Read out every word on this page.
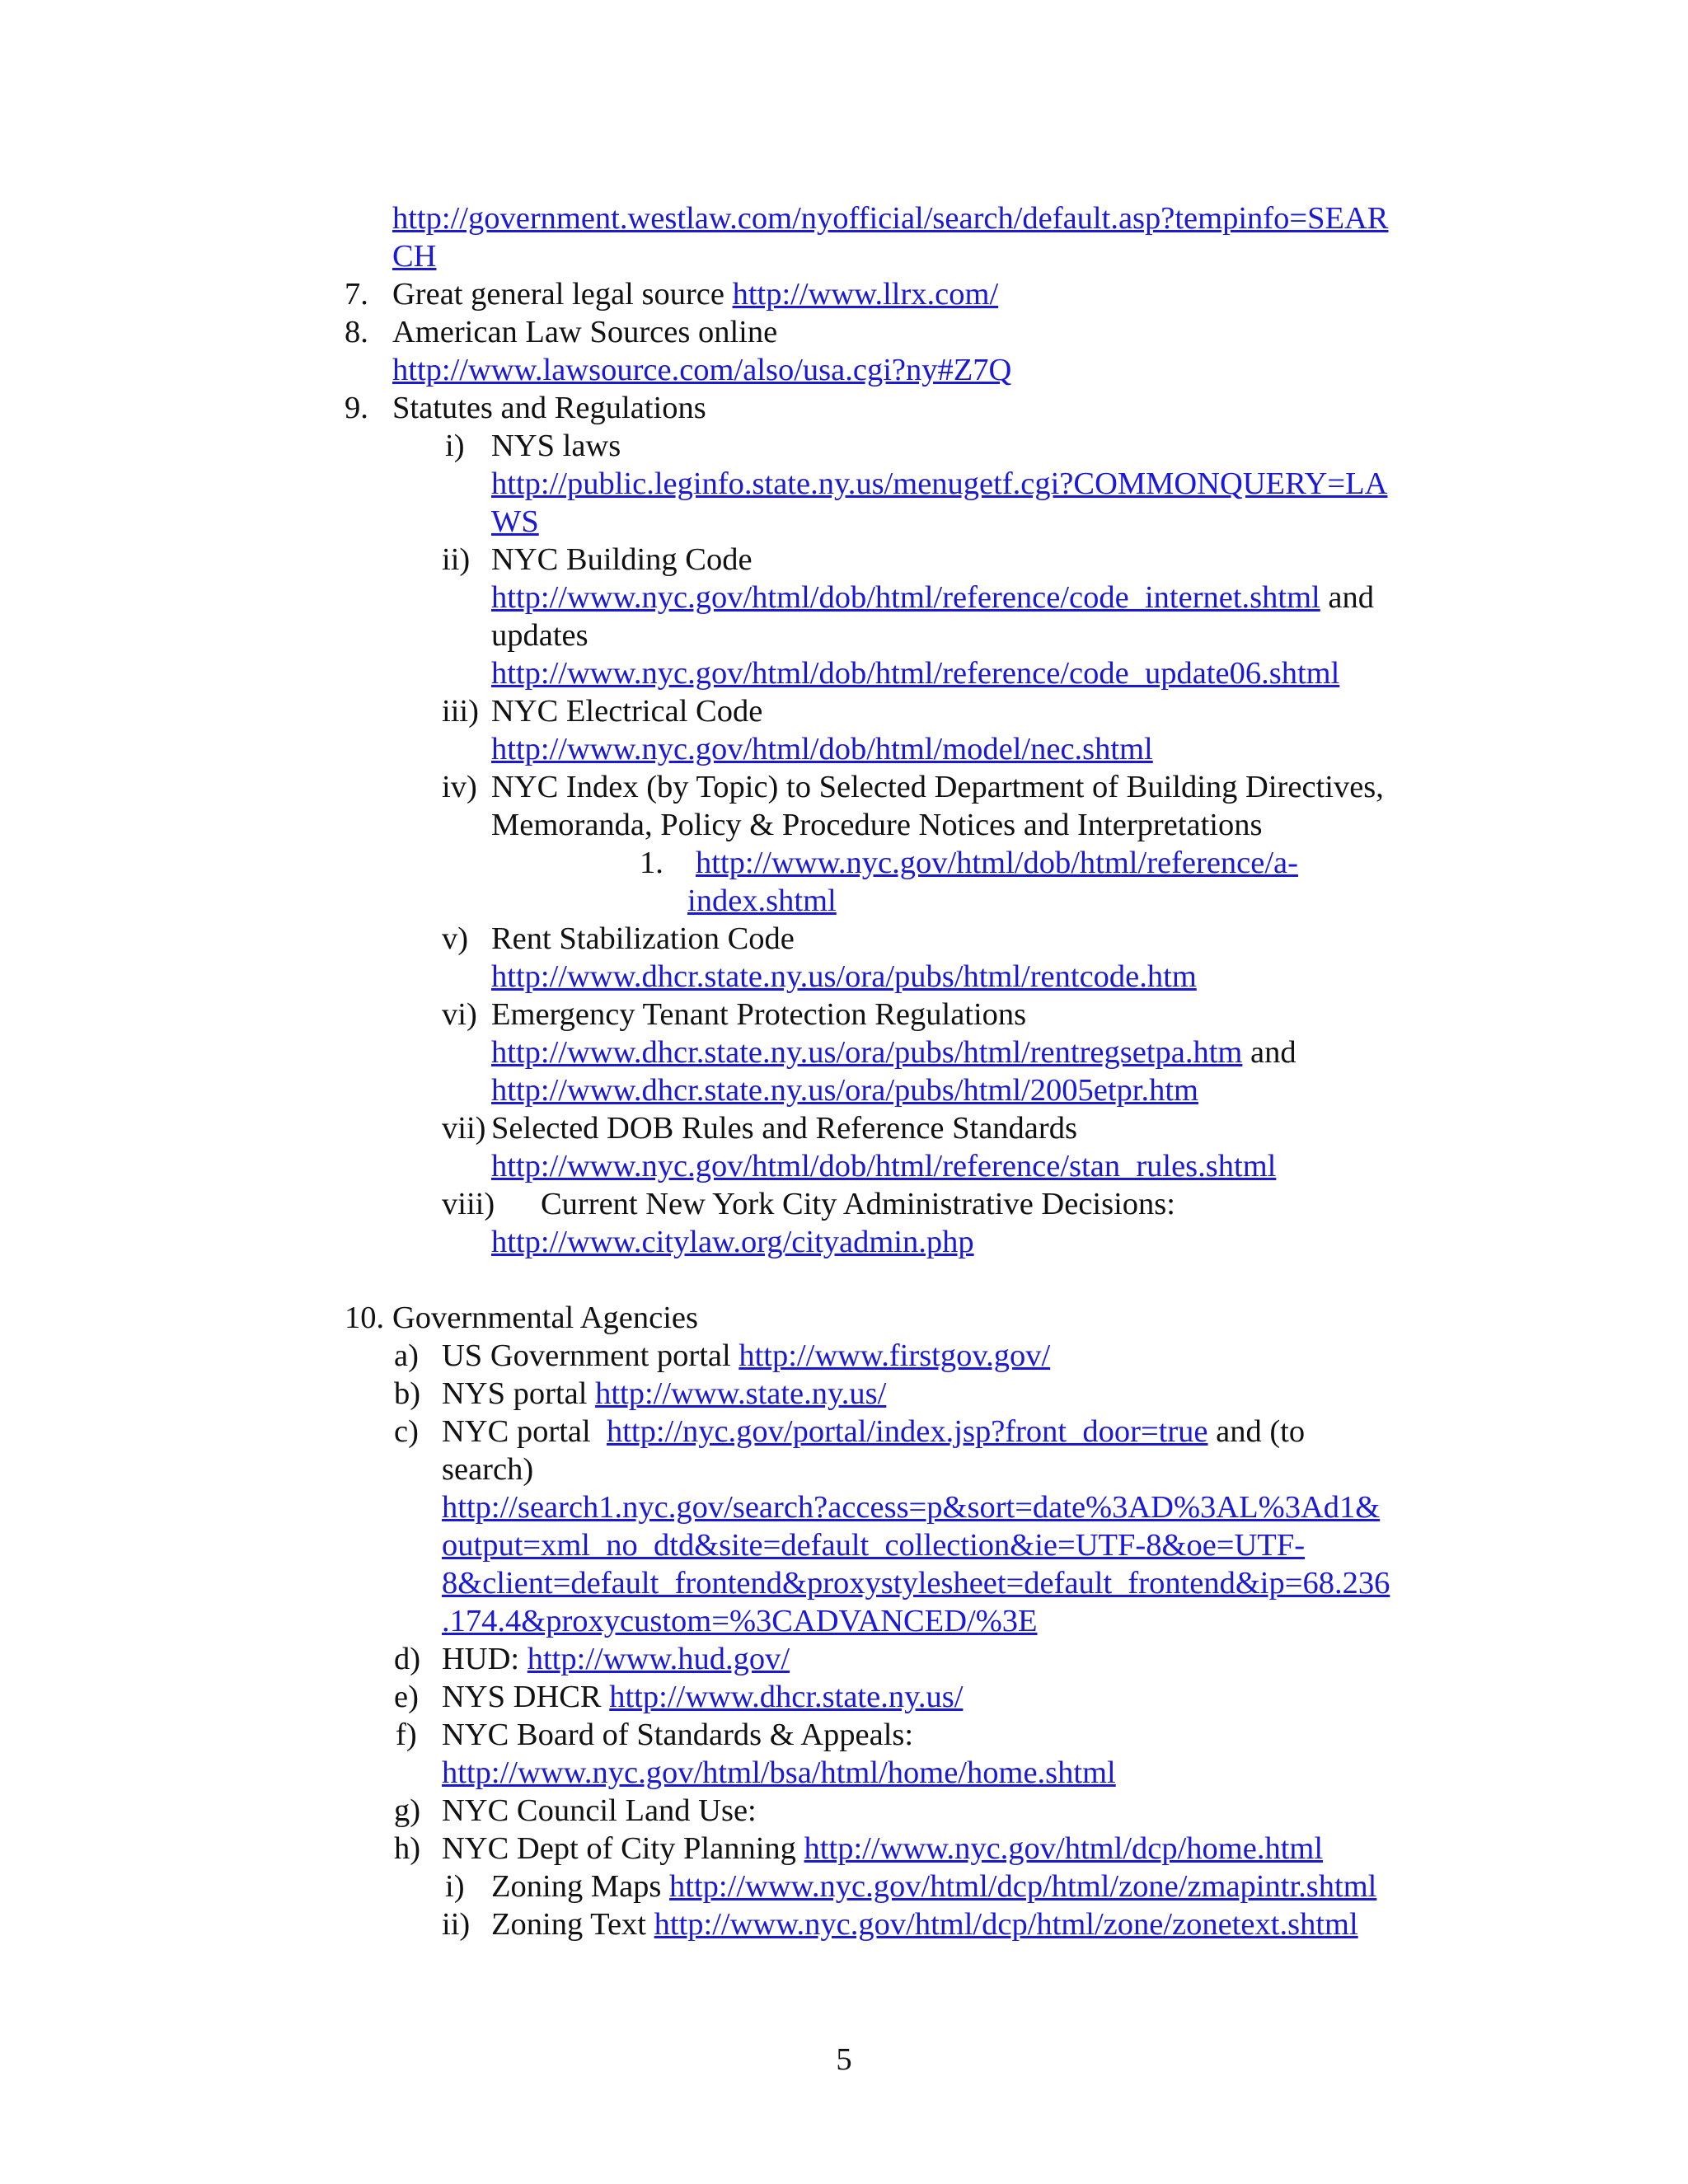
http://government.westlaw.com/nyofficial/search/default.asp?tempinfo=SEAR
CH
7. Great general legal source http://www.llrx.com/
8. American Law Sources online
http://www.lawsource.com/also/usa.cgi?ny#Z7Q
9. Statutes and Regulations
i) NYS laws
http://public.leginfo.state.ny.us/menugetf.cgi?COMMONQUERY=LA
WS
ii) NYC Building Code
http://www.nyc.gov/html/dob/html/reference/code_internet.shtml and
updates
http://www.nyc.gov/html/dob/html/reference/code_update06.shtml
iii) NYC Electrical Code
http://www.nyc.gov/html/dob/html/model/nec.shtml
iv) NYC Index (by Topic) to Selected Department of Building Directives,
Memoranda, Policy & Procedure Notices and Interpretations
1. http://www.nyc.gov/html/dob/html/reference/a-
index.shtml
v) Rent Stabilization Code
http://www.dhcr.state.ny.us/ora/pubs/html/rentcode.htm
vi) Emergency Tenant Protection Regulations
http://www.dhcr.state.ny.us/ora/pubs/html/rentregsetpa.htm and
http://www.dhcr.state.ny.us/ora/pubs/html/2005etpr.htm
vii) Selected DOB Rules and Reference Standards
http://www.nyc.gov/html/dob/html/reference/stan_rules.shtml
viii) Current New York City Administrative Decisions:
http://www.citylaw.org/cityadmin.php
10. Governmental Agencies
a) US Government portal http://www.firstgov.gov/
b) NYS portal http://www.state.ny.us/
c) NYC portal  http://nyc.gov/portal/index.jsp?front_door=true and (to
search)
http://search1.nyc.gov/search?access=p&sort=date%3AD%3AL%3Ad1&
output=xml_no_dtd&site=default_collection&ie=UTF-8&oe=UTF-
8&client=default_frontend&proxystylesheet=default_frontend&ip=68.236
.174.4&proxycustom=%3CADVANCED/%3E
d) HUD: http://www.hud.gov/
e) NYS DHCR http://www.dhcr.state.ny.us/
f) NYC Board of Standards & Appeals:
http://www.nyc.gov/html/bsa/html/home/home.shtml
g) NYC Council Land Use:
h) NYC Dept of City Planning http://www.nyc.gov/html/dcp/home.html
i) Zoning Maps http://www.nyc.gov/html/dcp/html/zone/zmapintr.shtml
ii) Zoning Text http://www.nyc.gov/html/dcp/html/zone/zonetext.shtml
5
